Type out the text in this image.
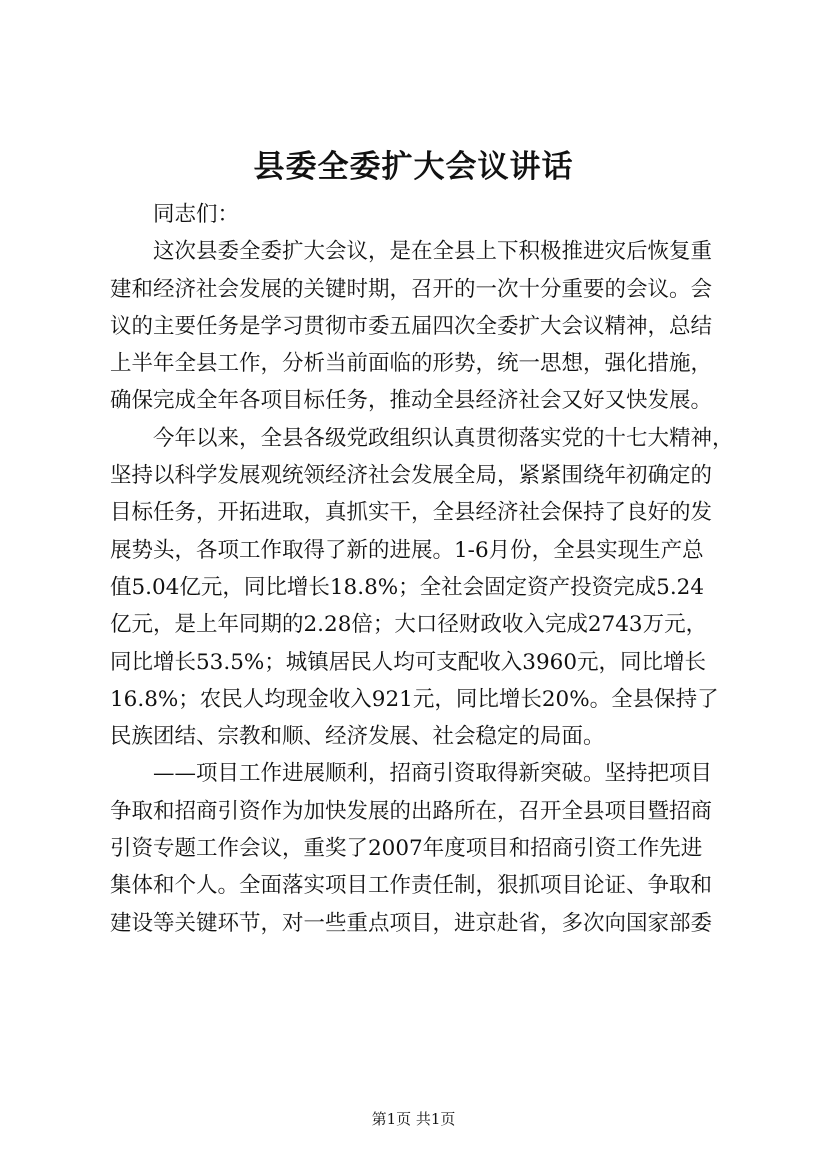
县委全委扩大会议讲话
同志们：
这次县委全委扩大会议，是在全县上下积极推进灾后恢复重
建和经济社会发展的关键时期，召开的一次十分重要的会议。会
议的主要任务是学习贯彻市委五届四次全委扩大会议精神，总结
上半年全县工作，分析当前面临的形势，统一思想，强化措施，
确保完成全年各项目标任务，推动全县经济社会又好又快发展。
今年以来，全县各级党政组织认真贯彻落实党的十七大精神，
坚持以科学发展观统领经济社会发展全局，紧紧围绕年初确定的
目标任务，开拓进取，真抓实干，全县经济社会保持了良好的发
展势头，各项工作取得了新的进展。1-6月份，全县实现生产总
值5.04亿元，同比增长18.8%；全社会固定资产投资完成5.24
亿元，是上年同期的2.28倍；大口径财政收入完成2743万元，
同比增长53.5%；城镇居民人均可支配收入3960元，同比增长
16.8%；农民人均现金收入921元，同比增长20%。全县保持了
民族团结、宗教和顺、经济发展、社会稳定的局面。
——项目工作进展顺利，招商引资取得新突破。坚持把项目
争取和招商引资作为加快发展的出路所在，召开全县项目暨招商
引资专题工作会议，重奖了2007年度项目和招商引资工作先进
集体和个人。全面落实项目工作责任制，狠抓项目论证、争取和
建设等关键环节，对一些重点项目，进京赴省，多次向国家部委
第1页 共1页
